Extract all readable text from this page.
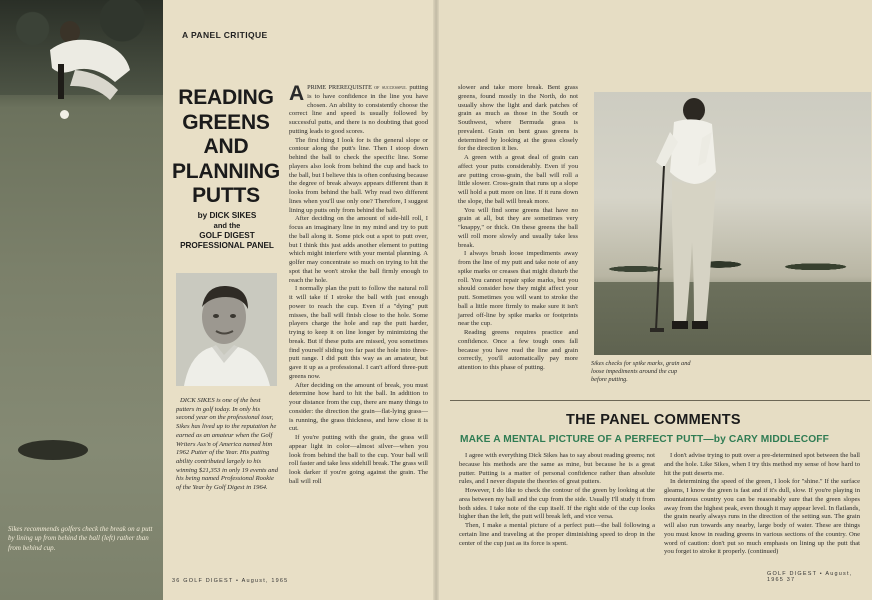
Sikes recommends golfers check the break on a putt by lining up from behind the ball (left) rather than from behind cup.
A PANEL CRITIQUE
READING
GREENS
AND
PLANNING
PUTTS
by DICK SIKES
and the
GOLF DIGEST
PROFESSIONAL PANEL

DICK SIKES is one of the best putters in golf today. In only his second year on the professional tour, Sikes has lived up to the reputation he earned as an amateur when the Golf Writers Ass'n of America named him 1962 Putter of the Year. His putting ability contributed largely to his winning $21,353 in only 19 events and his being named Professional Rookie of the Year by Golf Digest in 1964.

APRIME PREREQUISITE of successful putting is to have confidence in the line you have chosen. An ability to consistently choose the correct line and speed is usually followed by successful putts, and there is no doubting that good putting leads to good scores.

The first thing I look for is the general slope or contour along the putt's line. Then I stoop down behind the ball to check the specific line. Some players also look from behind the cup and back to the ball, but I believe this is often confusing because the degree of break always appears different than it looks from behind the ball. Why read two different lines when you'll use only one? Therefore, I suggest lining up putts only from behind the ball.

After deciding on the amount of side-hill roll, I focus an imaginary line in my mind and try to putt the ball along it. Some pick out a spot to putt over, but I think this just adds another element to putting which might interfere with your mental planning. A golfer may concentrate so much on trying to hit the spot that he won't stroke the ball firmly enough to reach the hole.

I normally plan the putt to follow the natural roll it will take if I stroke the ball with just enough power to reach the cup. Even if a "dying" putt misses, the ball will finish close to the hole. Some players charge the hole and rap the putt harder, trying to keep it on line longer by minimizing the break. But if these putts are missed, you sometimes find yourself sliding too far past the hole into three-putt range. I did putt this way as an amateur, but gave it up as a professional. I can't afford three-putt greens now.

After deciding on the amount of break, you must determine how hard to hit the ball. In addition to your distance from the cup, there are many things to consider: the direction the grain—flat-lying grass—is running, the grass thickness, and how close it is cut.

If you're putting with the grain, the grass will appear light in color—almost silver—when you look from behind the ball to the cup. Your ball will roll faster and take less sidehill break. The grass will look darker if you're going against the grain. The ball will roll

36 GOLF DIGEST • August, 1965

slower and take more break. Bent grass greens, found mostly in the North, do not usually show the light and dark patches of grain as much as those in the South or Southwest, where Bermuda grass is prevalent. Grain on bent grass greens is determined by looking at the grass closely for the direction it lies.

A green with a great deal of grain can affect your putts considerably. Even if you are putting cross-grain, the ball will roll a little slower. Cross-grain that runs up a slope will hold a putt more on line. If it runs down the slope, the ball will break more.

You will find some greens that have no grain at all, but they are sometimes very "knappy," or thick. On these greens the ball will roll more slowly and usually take less break.

I always brush loose impediments away from the line of my putt and take note of any spike marks or creases that might disturb the roll. You cannot repair spike marks, but you should consider how they might affect your putt. Sometimes you will want to stroke the ball a little more firmly to make sure it isn't jarred off-line by spike marks or footprints near the cup.

Reading greens requires practice and confidence. Once a few tough ones fall because you have read the line and grain correctly, you'll automatically pay more attention to this phase of putting.

Sikes checks for spike marks, grain and loose impediments around the cup before putting.
THE PANEL COMMENTS
MAKE A MENTAL PICTURE OF A PERFECT PUTT—by CARY MIDDLECOFF

I agree with everything Dick Sikes has to say about reading greens; not because his methods are the same as mine, but because he is a great putter. Putting is a matter of personal confidence rather than absolute rules, and I never dispute the theories of great putters.

However, I do like to check the contour of the green by looking at the area between my ball and the cup from the side. Usually I'll study it from both sides. I take note of the cup itself. If the right side of the cup looks higher than the left, the putt will break left, and vice versa.

Then, I make a mental picture of a perfect putt—the ball following a certain line and traveling at the proper diminishing speed to drop in the center of the cup just as its force is spent.

I don't advise trying to putt over a pre-determined spot between the ball and the hole. Like Sikes, when I try this method my sense of how hard to hit the putt deserts me.

In determining the speed of the green, I look for "shine." If the surface gleams, I know the green is fast and if it's dull, slow. If you're playing in mountainous country you can be reasonably sure that the green slopes away from the highest peak, even though it may appear level. In flatlands, the grain nearly always runs in the direction of the setting sun. The grain will also run towards any nearby, large body of water. These are things you must know in reading greens in various sections of the country. One word of caution: don't put so much emphasis on lining up the putt that you forget to stroke it properly. (continued)

GOLF DIGEST • August, 1965 37
